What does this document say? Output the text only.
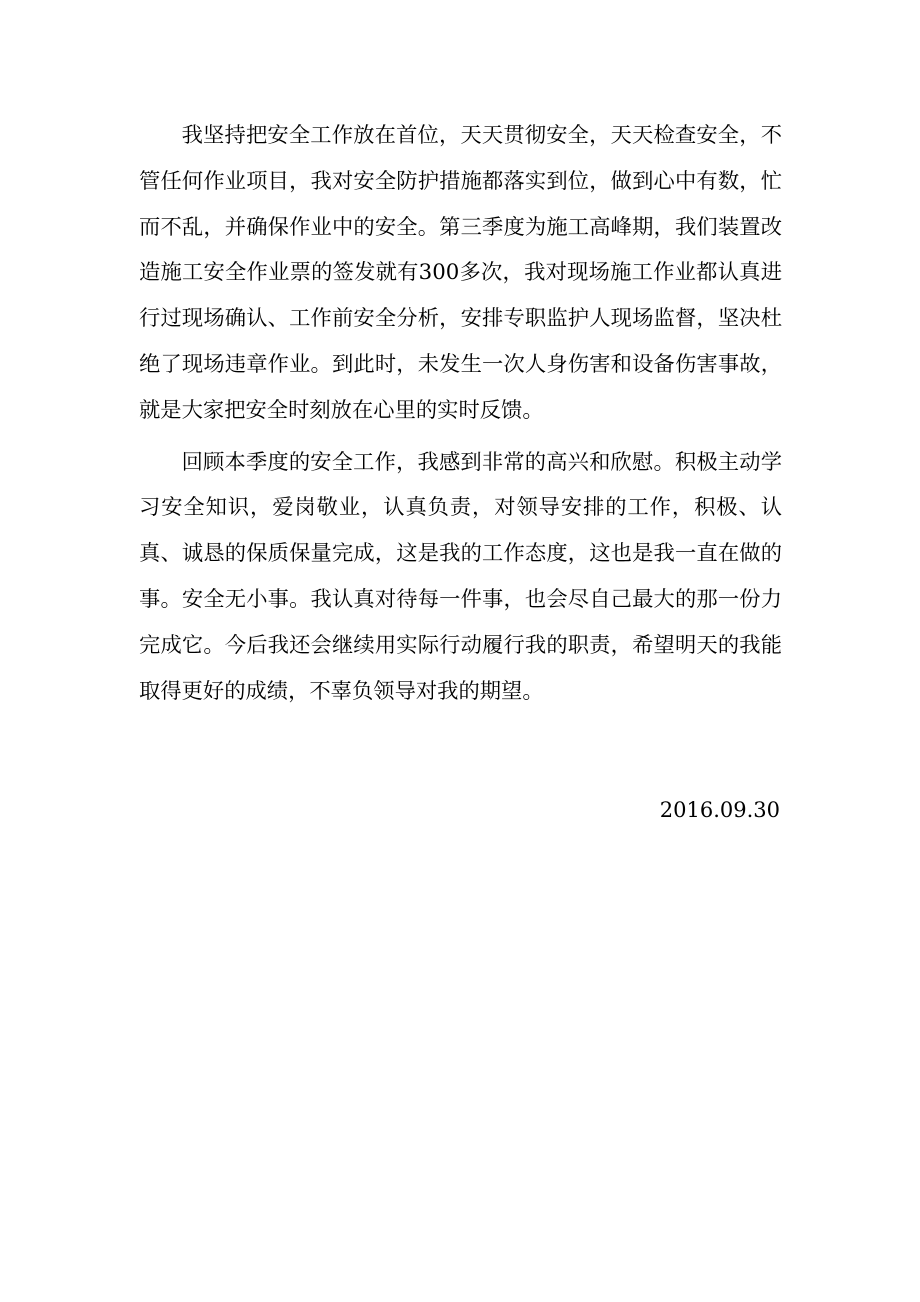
我坚持把安全工作放在首位，天天贯彻安全，天天检查安全，不管任何作业项目，我对安全防护措施都落实到位，做到心中有数，忙而不乱，并确保作业中的安全。第三季度为施工高峰期，我们装置改造施工安全作业票的签发就有300多次，我对现场施工作业都认真进行过现场确认、工作前安全分析，安排专职监护人现场监督，坚决杜绝了现场违章作业。到此时，未发生一次人身伤害和设备伤害事故，就是大家把安全时刻放在心里的实时反馈。

回顾本季度的安全工作，我感到非常的高兴和欣慰。积极主动学习安全知识，爱岗敬业，认真负责，对领导安排的工作，积极、认真、诚恳的保质保量完成，这是我的工作态度，这也是我一直在做的事。安全无小事。我认真对待每一件事，也会尽自己最大的那一份力完成它。今后我还会继续用实际行动履行我的职责，希望明天的我能取得更好的成绩，不辜负领导对我的期望。

2016.09.30
